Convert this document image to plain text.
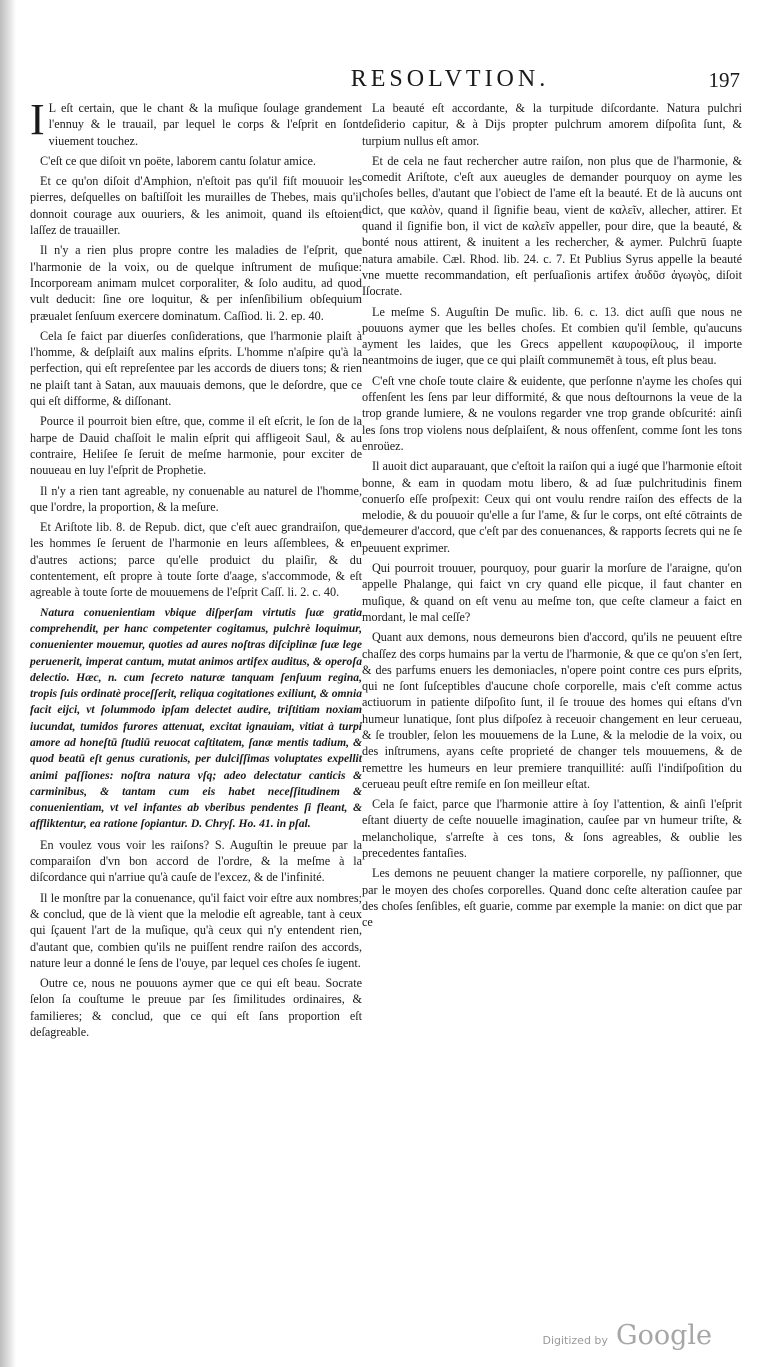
RESOLVTION.	197

I L eſt certain, que le chant & la muſique ſoulage grandement l'ennuy & le trauail, par lequel le corps & l'eſprit en ſont viuement touchez.

C'eſt ce que diſoit vn poëte, laborem cantu ſolatur amice.

Et ce qu'on diſoit d'Amphion, n'eſtoit pas qu'il fiſt mouuoir les pierres, deſquelles on baſtiſſoit les murailles de Thebes, mais qu'il donnoit courage aux ouuriers, & les animoit, quand ils eſtoient laſſez de trauailler.

Il n'y a rien plus propre contre les maladies de l'eſprit, que l'harmonie de la voix, ou de quelque inſtrument de muſique: Incorpoream animam mulcet corporaliter, & ſolo auditu, ad quod vult deducit: ſine ore loquitur, & per inſenſibilium obſequium præualet ſenſuum exercere dominatum. Caſſiod. li. 2. ep. 40.

Cela ſe faict par diuerſes conſiderations, que l'harmonie plaiſt à l'homme, & deſplaiſt aux malins eſprits. L'homme n'aſpire qu'à la perfection, qui eſt repreſentee par les accords de diuers tons; & rien ne plaiſt tant à Satan, aux mauuais demons, que le deſordre, que ce qui eſt difforme, & diſſonant.

Pource il pourroit bien eſtre, que, comme il eſt eſcrit, le ſon de la harpe de Dauid chaſſoit le malin eſprit qui affligeoit Saul, & au contraire, Heliſee ſe ſeruit de meſme harmonie, pour exciter de nouueau en luy l'eſprit de Prophetie.

Il n'y a rien tant agreable, ny conuenable au naturel de l'homme, que l'ordre, la proportion, & la meſure.

Et Ariſtote lib. 8. de Repub. dict, que c'eſt auec grandraiſon, que les hommes ſe ſeruent de l'harmonie en leurs aſſemblees, & en d'autres actions; parce qu'elle produict du plaiſir, & du contentement, eſt propre à toute ſorte d'aage, s'accommode, & eſt agreable à toute ſorte de mouuemens de l'eſprit Caſſ. li. 2. c. 40.

Natura conuenientiam vbique diſperſam virtutis ſuæ gratia comprehendit, per hanc competenter cogitamus, pulchrè loquimur, conuenienter mouemur, quoties ad aures noſtras diſciplinæ ſuæ lege peruenerit, imperat cantum, mutat animos artifex auditus, & operoſa delectio. Hæc, n. cum ſecreto naturæ tanquam ſenſuum regina, tropis ſuis ordinatè proceſſerit, reliqua cogitationes exiliunt, & omnia facit eijci, vt ſolummodo ipſam delectet audire, triſtitiam noxiam iucundat, tumidos furores attenuat, excitat ignauiam, vitiat à turpi amore ad honeſtū ſtudiū reuocat caſtitatem, ſanæ mentis tadium, & quod beatū eſt genus curationis, per dulciſſimas voluptates expellit animi paſſiones: noſtra natura vſq; adeo delectatur canticis & carminibus, & tantam cum eis habet neceſſitudinem & conuenientiam, vt vel infantes ab vberibus pendentes ſi fleant, & affliktentur, ea ratione ſopiantur. D. Chryſ. Ho. 41. in pſal.

En voulez vous voir les raiſons? S. Auguſtin le preuue par la comparaiſon d'vn bon accord de l'ordre, & la meſme à la diſcordance qui n'arriue qu'à cauſe de l'excez, & de l'infinité.

Il le monſtre par la conuenance, qu'il faict voir eſtre aux nombres; & conclud, que de là vient que la melodie eſt agreable, tant à ceux qui ſçauent l'art de la muſique, qu'à ceux qui n'y entendent rien, d'autant que, combien qu'ils ne puiſſent rendre raiſon des accords, nature leur a donné le ſens de l'ouye, par lequel ces choſes ſe iugent.

Outre ce, nous ne pouuons aymer que ce qui eſt beau. Socrate ſelon ſa couſtume le preuue par ſes ſimilitudes ordinaires, & familieres; & conclud, que ce qui eſt ſans proportion eſt deſagreable.

La beauté eſt accordante, & la turpitude diſcordante. Natura pulchri deſiderio capitur, & à Dijs propter pulchrum amorem diſpoſita ſunt, & turpium nullus eſt amor.

Et de cela ne faut rechercher autre raiſon, non plus que de l'harmonie, & comedit Ariſtote, c'eſt aux aueugles de demander pourquoy on ayme les choſes belles, d'autant que l'obiect de l'ame eſt la beauté. Et de là aucuns ont dict, que καλὸν, quand il ſignifie beau, vient de καλεῖν, allecher, attirer. Et quand il ſignifie bon, il vict de καλεῖν appeller, pour dire, que la beauté, & bonté nous attirent, & inuitent a les rechercher, & aymer. Pulchrū ſuapte natura amabile. Cæl. Rhod. lib. 24. c. 7. Et Publius Syrus appelle la beauté vne muette recommandation, eſt perſuaſionis artifex ἀυδῦσ ἀγωγὸς, diſoit Iſocrate.

Le meſme S. Auguſtin De muſic. lib. 6. c. 13. dict auſſi que nous ne pouuons aymer que les belles choſes. Et combien qu'il ſemble, qu'aucuns ayment les laides, que les Grecs appellent καυροφίλους, il importe neantmoins de iuger, que ce qui plaiſt communemēt à tous, eſt plus beau.

C'eſt vne choſe toute claire & euidente, que perſonne n'ayme les choſes qui offenſent les ſens par leur difformité, & que nous deſtournons la veue de la trop grande lumiere, & ne voulons regarder vne trop grande obſcurité: ainſi les ſons trop violens nous deſplaiſent, & nous offenſent, comme ſont les tons enroüez.

Il auoit dict auparauant, que c'eſtoit la raiſon qui a iugé que l'harmonie eſtoit bonne, & eam in quodam motu libero, & ad ſuæ pulchritudinis finem conuerſo eſſe proſpexit: Ceux qui ont voulu rendre raiſon des effects de la melodie, & du pouuoir qu'elle a ſur l'ame, & ſur le corps, ont eſté cōtraints de demeurer d'accord, que c'eſt par des conuenances, & rapports ſecrets qui ne ſe peuuent exprimer.

Qui pourroit trouuer, pourquoy, pour guarir la morſure de l'araigne, qu'on appelle Phalange, qui faict vn cry quand elle picque, il faut chanter en muſique, & quand on eſt venu au meſme ton, que ceſte clameur a faict en mordant, le mal ceſſe?

Quant aux demons, nous demeurons bien d'accord, qu'ils ne peuuent eſtre chaſſez des corps humains par la vertu de l'harmonie, & que ce qu'on s'en ſert, & des parfums enuers les demoniacles, n'opere point contre ces purs eſprits, qui ne ſont ſuſceptibles d'aucune choſe corporelle, mais c'eſt comme actus actiuorum in patiente diſpoſito ſunt, il ſe trouue des homes qui eſtans d'vn humeur lunatique, ſont plus diſpoſez à receuoir changement en leur cerueau, & ſe troubler, ſelon les mouuemens de la Lune, & la melodie de la voix, ou des inſtrumens, ayans ceſte proprieté de changer tels mouuemens, & de remettre les humeurs en leur premiere tranquillité: auſſi l'indiſpoſition du cerueau peuſt eſtre remiſe en ſon meilleur eſtat.

Cela ſe faict, parce que l'harmonie attire à ſoy l'attention, & ainſi l'eſprit eſtant diuerty de ceſte nouuelle imagination, cauſee par vn humeur triſte, & melancholique, s'arreſte à ces tons, & ſons agreables, & oublie les precedentes fantaſies.

Les demons ne peuuent changer la matiere corporelle, ny paſſionner, que par le moyen des choſes corporelles. Quand donc ceſte alteration cauſee par des choſes ſenſibles, eſt guarie, comme par exemple la manie: on dict que par ce

Digitized by Google
